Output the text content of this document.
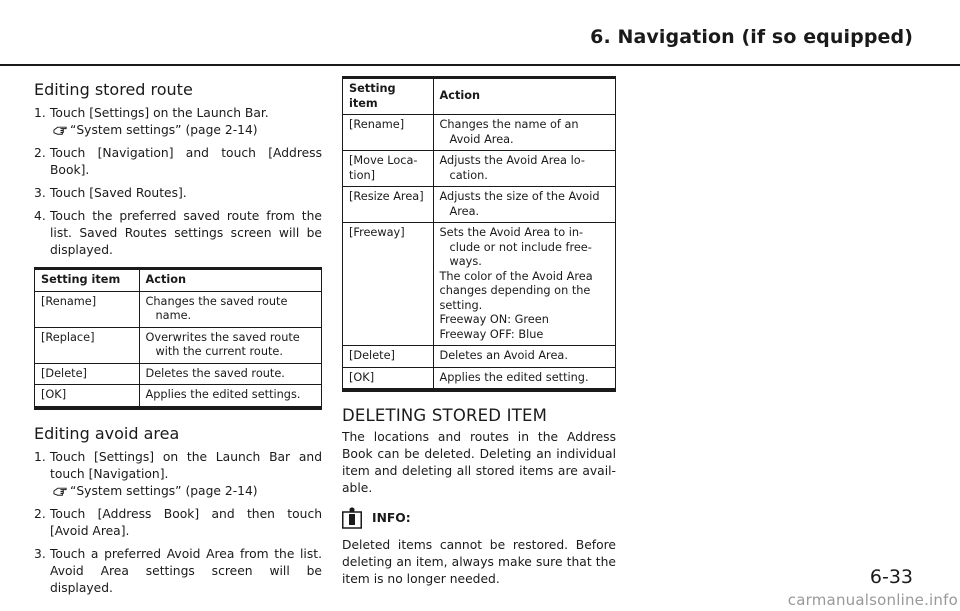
6. Navigation (if so equipped)
Editing stored route
1. Touch [Settings] on the Launch Bar.
“System settings” (page 2-14)
2. Touch [Navigation] and touch [Address Book].
3. Touch [Saved Routes].
4. Touch the preferred saved route from the list. Saved Routes settings screen will be displayed.
Setting item	Action
[Rename]	Changes the saved route name.

[Replace]	Overwrites the saved route with the current route.

[Delete]	Deletes the saved route.

[OK]	Applies the edited settings.
Editing avoid area
1. Touch [Settings] on the Launch Bar and touch [Navigation].
“System settings” (page 2-14)
2. Touch [Address Book] and then touch [Avoid Area].
3. Touch a preferred Avoid Area from the list. Avoid Area settings screen will be displayed.
Setting item	Action
[Rename]	Changes the name of an Avoid Area.

[Move Loca- tion]	Adjusts the Avoid Area lo- cation.

[Resize Area]	Adjusts the size of the Avoid Area.

[Freeway]	Sets the Avoid Area to in- clude or not include free- ways.
The color of the Avoid Area changes depending on the setting.
Freeway ON: Green
Freeway OFF: Blue

[Delete]	Deletes an Avoid Area.

[OK]	Applies the edited setting.
DELETING STORED ITEM

The locations and routes in the Address Book can be deleted. Deleting an individual item and deleting all stored items are avail- able.

INFO:

Deleted items cannot be restored. Before deleting an item, always make sure that the item is no longer needed.	6-33
carmanualsonline.info
